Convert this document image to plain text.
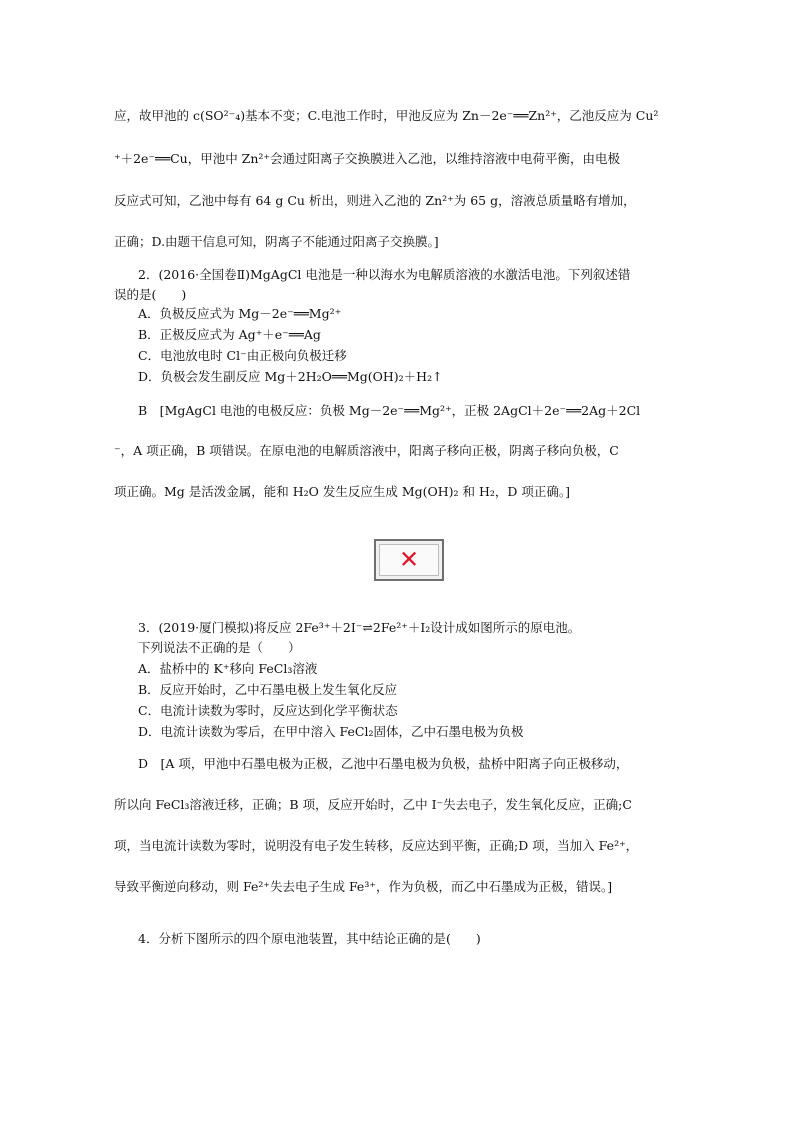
应，故甲池的 c(SO²⁻₄)基本不变；C.电池工作时，甲池反应为 Zn－2e⁻══Zn²⁺，乙池反应为 Cu²
⁺＋2e⁻══Cu，甲池中 Zn²⁺会通过阳离子交换膜进入乙池，以维持溶液中电荷平衡，由电极
反应式可知，乙池中每有 64 g Cu 析出，则进入乙池的 Zn²⁺为 65 g，溶液总质量略有增加，
正确；D.由题干信息可知，阴离子不能通过阳离子交换膜。]
2．(2016·全国卷Ⅱ)MgAgCl 电池是一种以海水为电解质溶液的水激活电池。下列叙述错
误的是(　　)
A．负极反应式为 Mg－2e⁻══Mg²⁺
B．正极反应式为 Ag⁺＋e⁻══Ag
C．电池放电时 Cl⁻由正极向负极迁移
D．负极会发生副反应 Mg＋2H₂O══Mg(OH)₂＋H₂↑
B　[MgAgCl 电池的电极反应：负极 Mg－2e⁻══Mg²⁺，正极 2AgCl＋2e⁻══2Ag＋2Cl
⁻，A 项正确，B 项错误。在原电池的电解质溶液中，阳离子移向正极，阴离子移向负极，C
项正确。Mg 是活泼金属，能和 H₂O 发生反应生成 Mg(OH)₂ 和 H₂，D 项正确。]
✕
3．(2019·厦门模拟)将反应 2Fe³⁺＋2I⁻⇌2Fe²⁺＋I₂设计成如图所示的原电池。
下列说法不正确的是（　　）
A．盐桥中的 K⁺移向 FeCl₃溶液
B．反应开始时，乙中石墨电极上发生氧化反应
C．电流计读数为零时，反应达到化学平衡状态
D．电流计读数为零后，在甲中溶入 FeCl₂固体，乙中石墨电极为负极
D　[A 项，甲池中石墨电极为正极，乙池中石墨电极为负极，盐桥中阳离子向正极移动，
所以向 FeCl₃溶液迁移，正确；B 项，反应开始时，乙中 I⁻失去电子，发生氧化反应，正确;C
项，当电流计读数为零时，说明没有电子发生转移，反应达到平衡，正确;D 项，当加入 Fe²⁺，
导致平衡逆向移动，则 Fe²⁺失去电子生成 Fe³⁺，作为负极，而乙中石墨成为正极，错误。]
4．分析下图所示的四个原电池装置，其中结论正确的是(　　)
